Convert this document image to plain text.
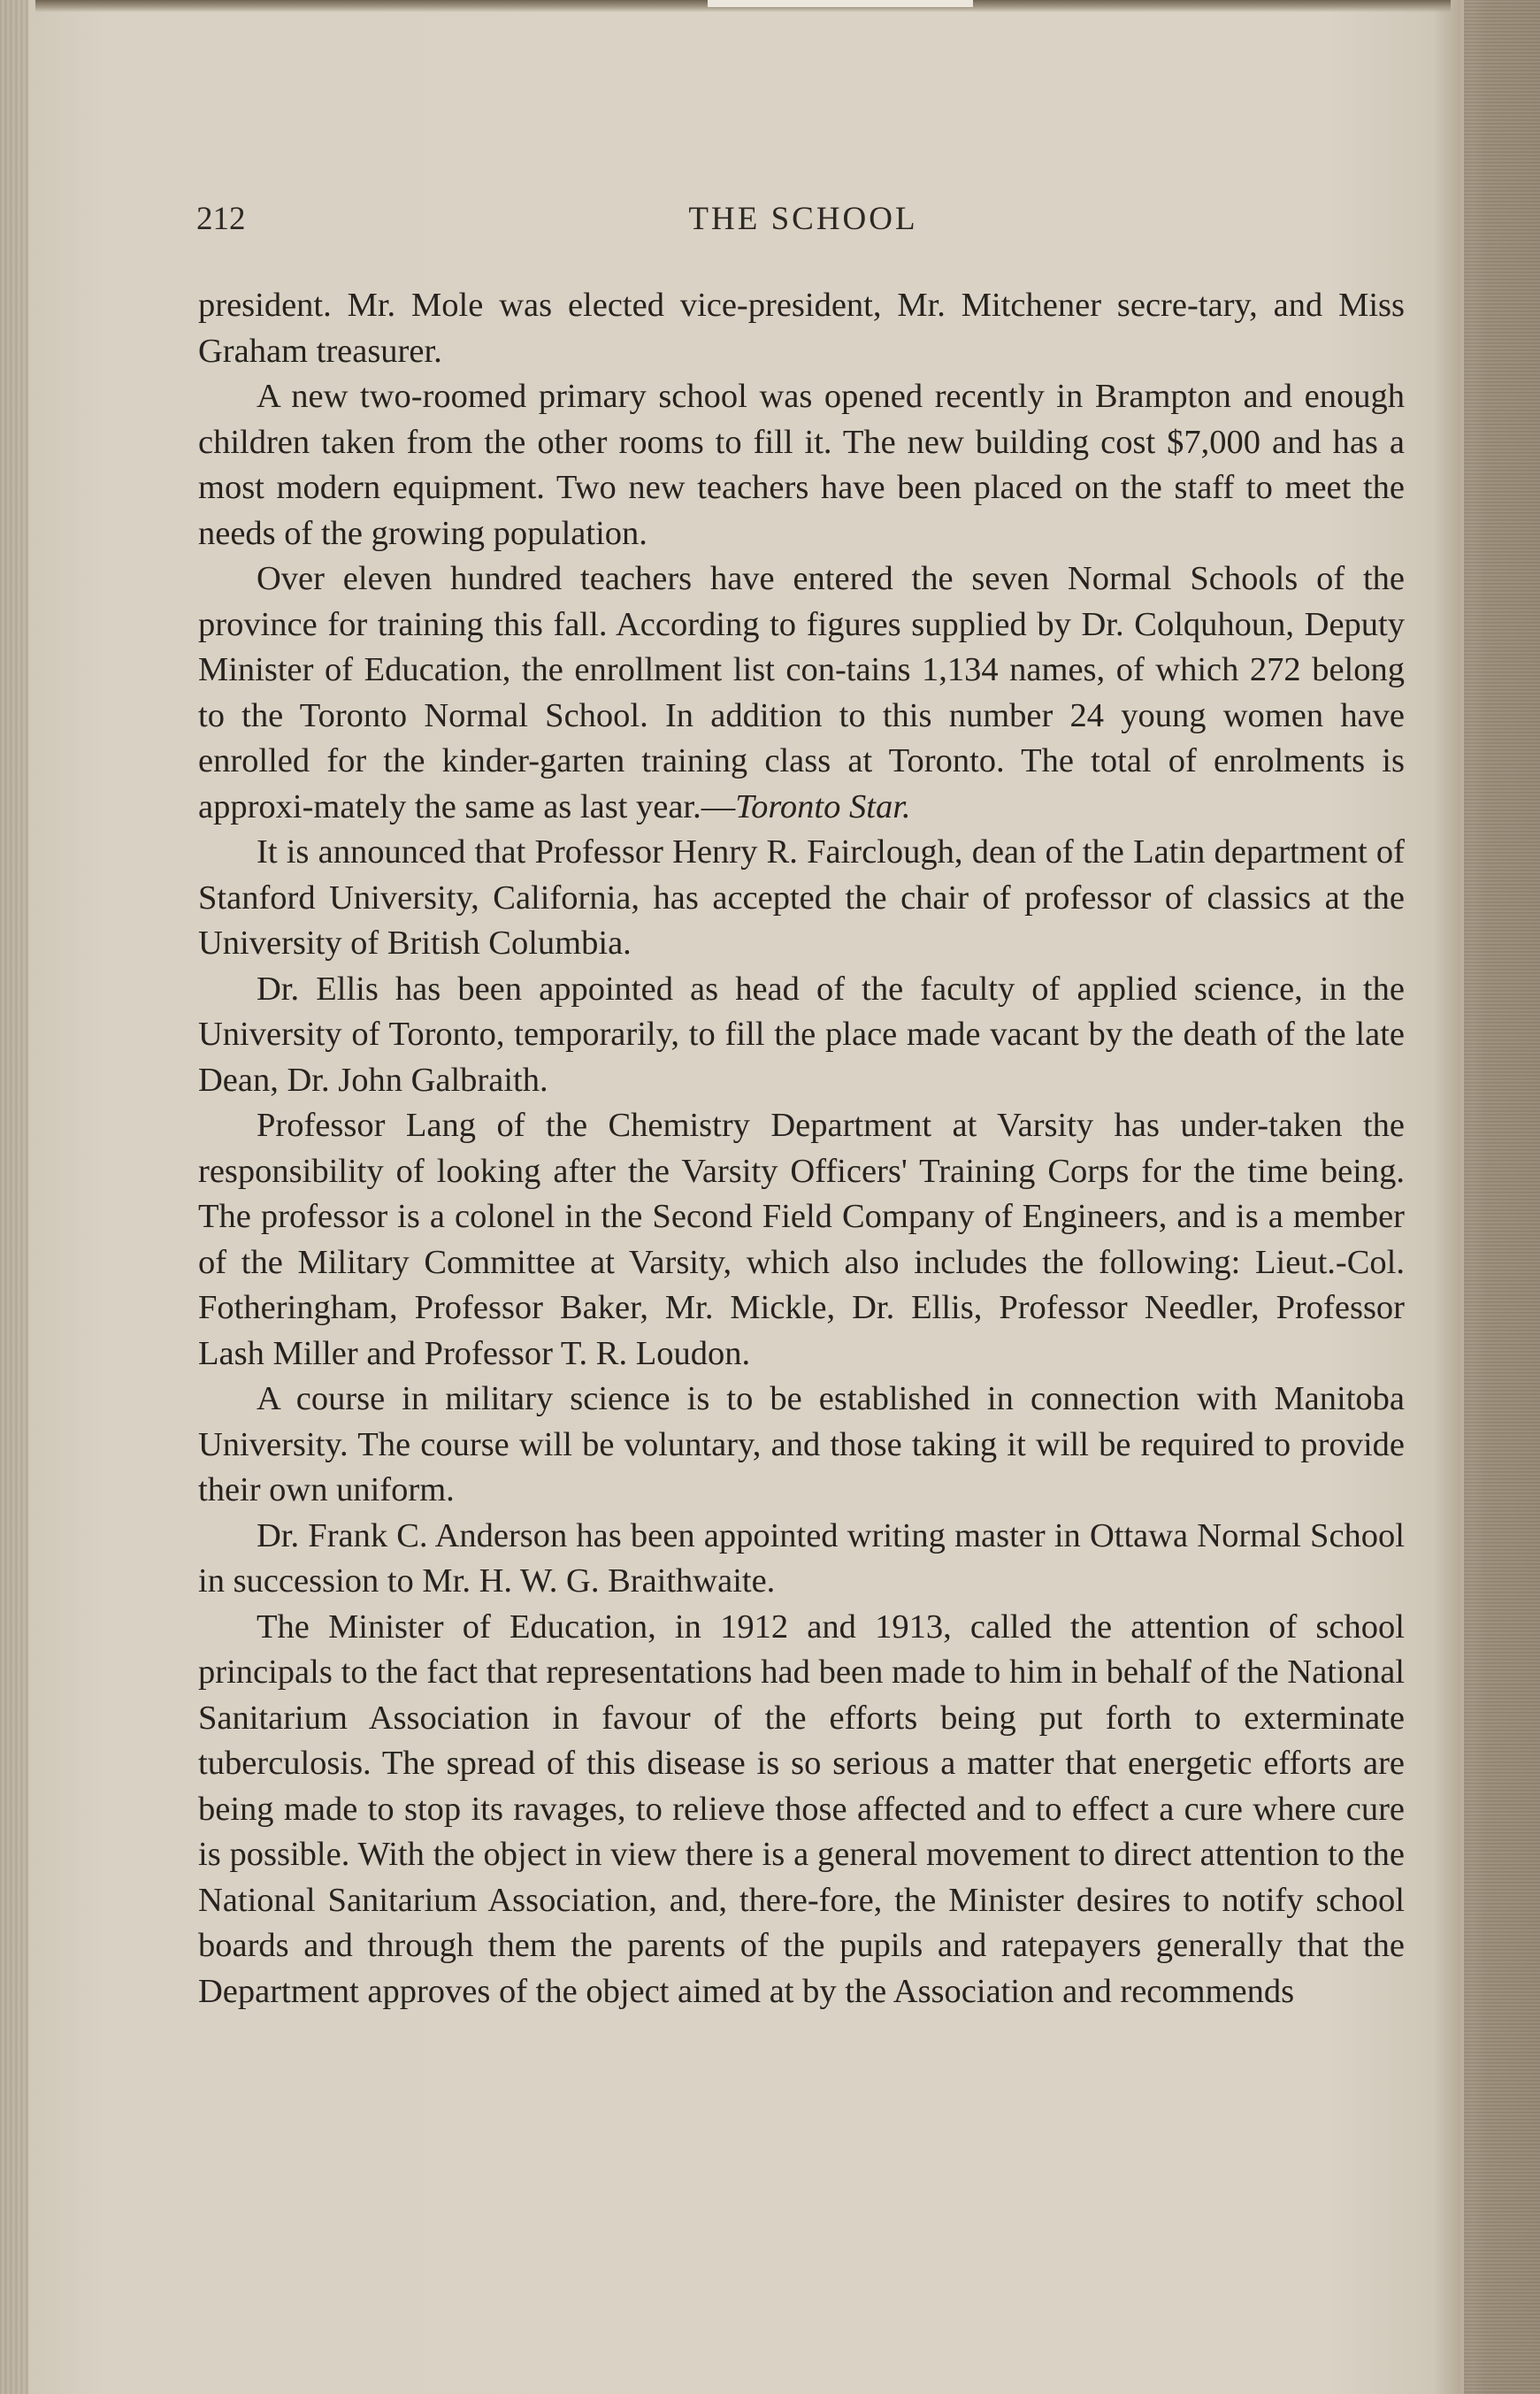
212	THE SCHOOL

president. Mr. Mole was elected vice-president, Mr. Mitchener secre-tary, and Miss Graham treasurer.

A new two-roomed primary school was opened recently in Brampton and enough children taken from the other rooms to fill it. The new building cost $7,000 and has a most modern equipment. Two new teachers have been placed on the staff to meet the needs of the growing population.

Over eleven hundred teachers have entered the seven Normal Schools of the province for training this fall. According to figures supplied by Dr. Colquhoun, Deputy Minister of Education, the enrollment list con-tains 1,134 names, of which 272 belong to the Toronto Normal School. In addition to this number 24 young women have enrolled for the kinder-garten training class at Toronto. The total of enrolments is approxi-mately the same as last year.—Toronto Star.

It is announced that Professor Henry R. Fairclough, dean of the Latin department of Stanford University, California, has accepted the chair of professor of classics at the University of British Columbia.

Dr. Ellis has been appointed as head of the faculty of applied science, in the University of Toronto, temporarily, to fill the place made vacant by the death of the late Dean, Dr. John Galbraith.

Professor Lang of the Chemistry Department at Varsity has under-taken the responsibility of looking after the Varsity Officers' Training Corps for the time being. The professor is a colonel in the Second Field Company of Engineers, and is a member of the Military Committee at Varsity, which also includes the following: Lieut.-Col. Fotheringham, Professor Baker, Mr. Mickle, Dr. Ellis, Professor Needler, Professor Lash Miller and Professor T. R. Loudon.

A course in military science is to be established in connection with Manitoba University. The course will be voluntary, and those taking it will be required to provide their own uniform.

Dr. Frank C. Anderson has been appointed writing master in Ottawa Normal School in succession to Mr. H. W. G. Braithwaite.

The Minister of Education, in 1912 and 1913, called the attention of school principals to the fact that representations had been made to him in behalf of the National Sanitarium Association in favour of the efforts being put forth to exterminate tuberculosis. The spread of this disease is so serious a matter that energetic efforts are being made to stop its ravages, to relieve those affected and to effect a cure where cure is possible. With the object in view there is a general movement to direct attention to the National Sanitarium Association, and, there-fore, the Minister desires to notify school boards and through them the parents of the pupils and ratepayers generally that the Department approves of the object aimed at by the Association and recommends
